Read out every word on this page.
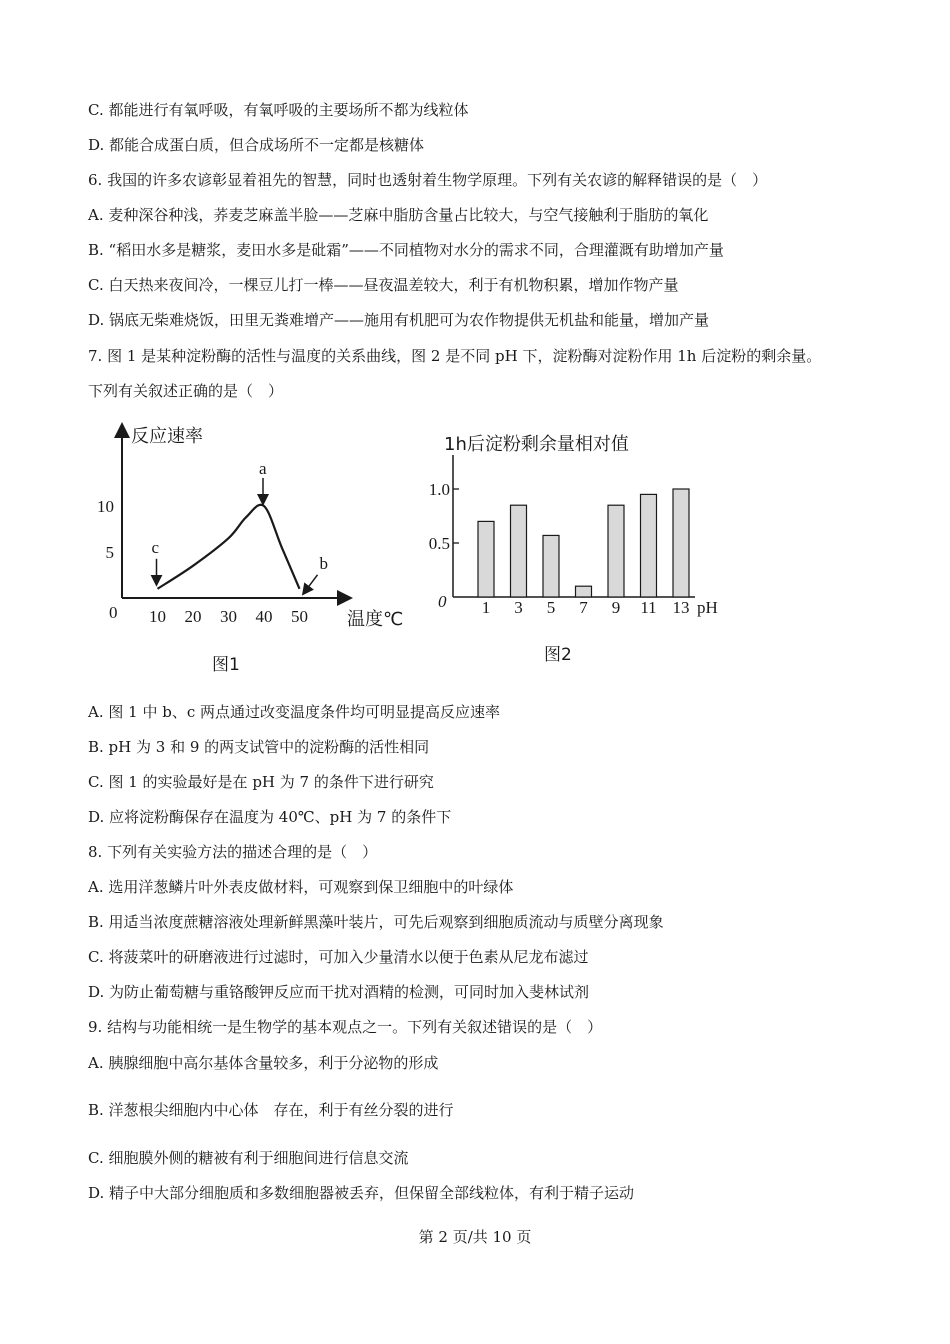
C. 都能进行有氧呼吸，有氧呼吸的主要场所不都为线粒体
D. 都能合成蛋白质，但合成场所不一定都是核糖体
6. 我国的许多农谚彰显着祖先的智慧，同时也透射着生物学原理。下列有关农谚的解释错误的是（　）
A. 麦种深谷种浅，荞麦芝麻盖半脸——芝麻中脂肪含量占比较大，与空气接触利于脂肪的氧化
B. “稻田水多是糖浆，麦田水多是砒霜”——不同植物对水分的需求不同，合理灌溉有助增加产量
C. 白天热来夜间冷，一棵豆儿打一棒——昼夜温差较大，利于有机物积累，增加作物产量
D. 锅底无柴难烧饭，田里无粪难增产——施用有机肥可为农作物提供无机盐和能量，增加产量
7. 图 1 是某种淀粉酶的活性与温度的关系曲线，图 2 是不同 pH 下，淀粉酶对淀粉作用 1h 后淀粉的剩余量。
下列有关叙述正确的是（　）
反应速率
温度℃
0 10 20 30 40 50
5
10
a
b
c
图1
1h后淀粉剩余量相对值
pH
0
0.5
1.0
1 3 5 7 9 11 13
图2
A. 图 1 中 b、c 两点通过改变温度条件均可明显提高反应速率
B. pH 为 3 和 9 的两支试管中的淀粉酶的活性相同
C. 图 1 的实验最好是在 pH 为 7 的条件下进行研究
D. 应将淀粉酶保存在温度为 40℃、pH 为 7 的条件下
8. 下列有关实验方法的描述合理的是（　）
A. 选用洋葱鳞片叶外表皮做材料，可观察到保卫细胞中的叶绿体
B. 用适当浓度蔗糖溶液处理新鲜黑藻叶装片，可先后观察到细胞质流动与质壁分离现象
C. 将菠菜叶的研磨液进行过滤时，可加入少量清水以便于色素从尼龙布滤过
D. 为防止葡萄糖与重铬酸钾反应而干扰对酒精的检测，可同时加入斐林试剂
9. 结构与功能相统一是生物学的基本观点之一。下列有关叙述错误的是（　）
A. 胰腺细胞中高尔基体含量较多，利于分泌物的形成
B. 洋葱根尖细胞内中心体　存在，利于有丝分裂的进行
C. 细胞膜外侧的糖被有利于细胞间进行信息交流
D. 精子中大部分细胞质和多数细胞器被丢弃，但保留全部线粒体，有利于精子运动
第 2 页/共 10 页
